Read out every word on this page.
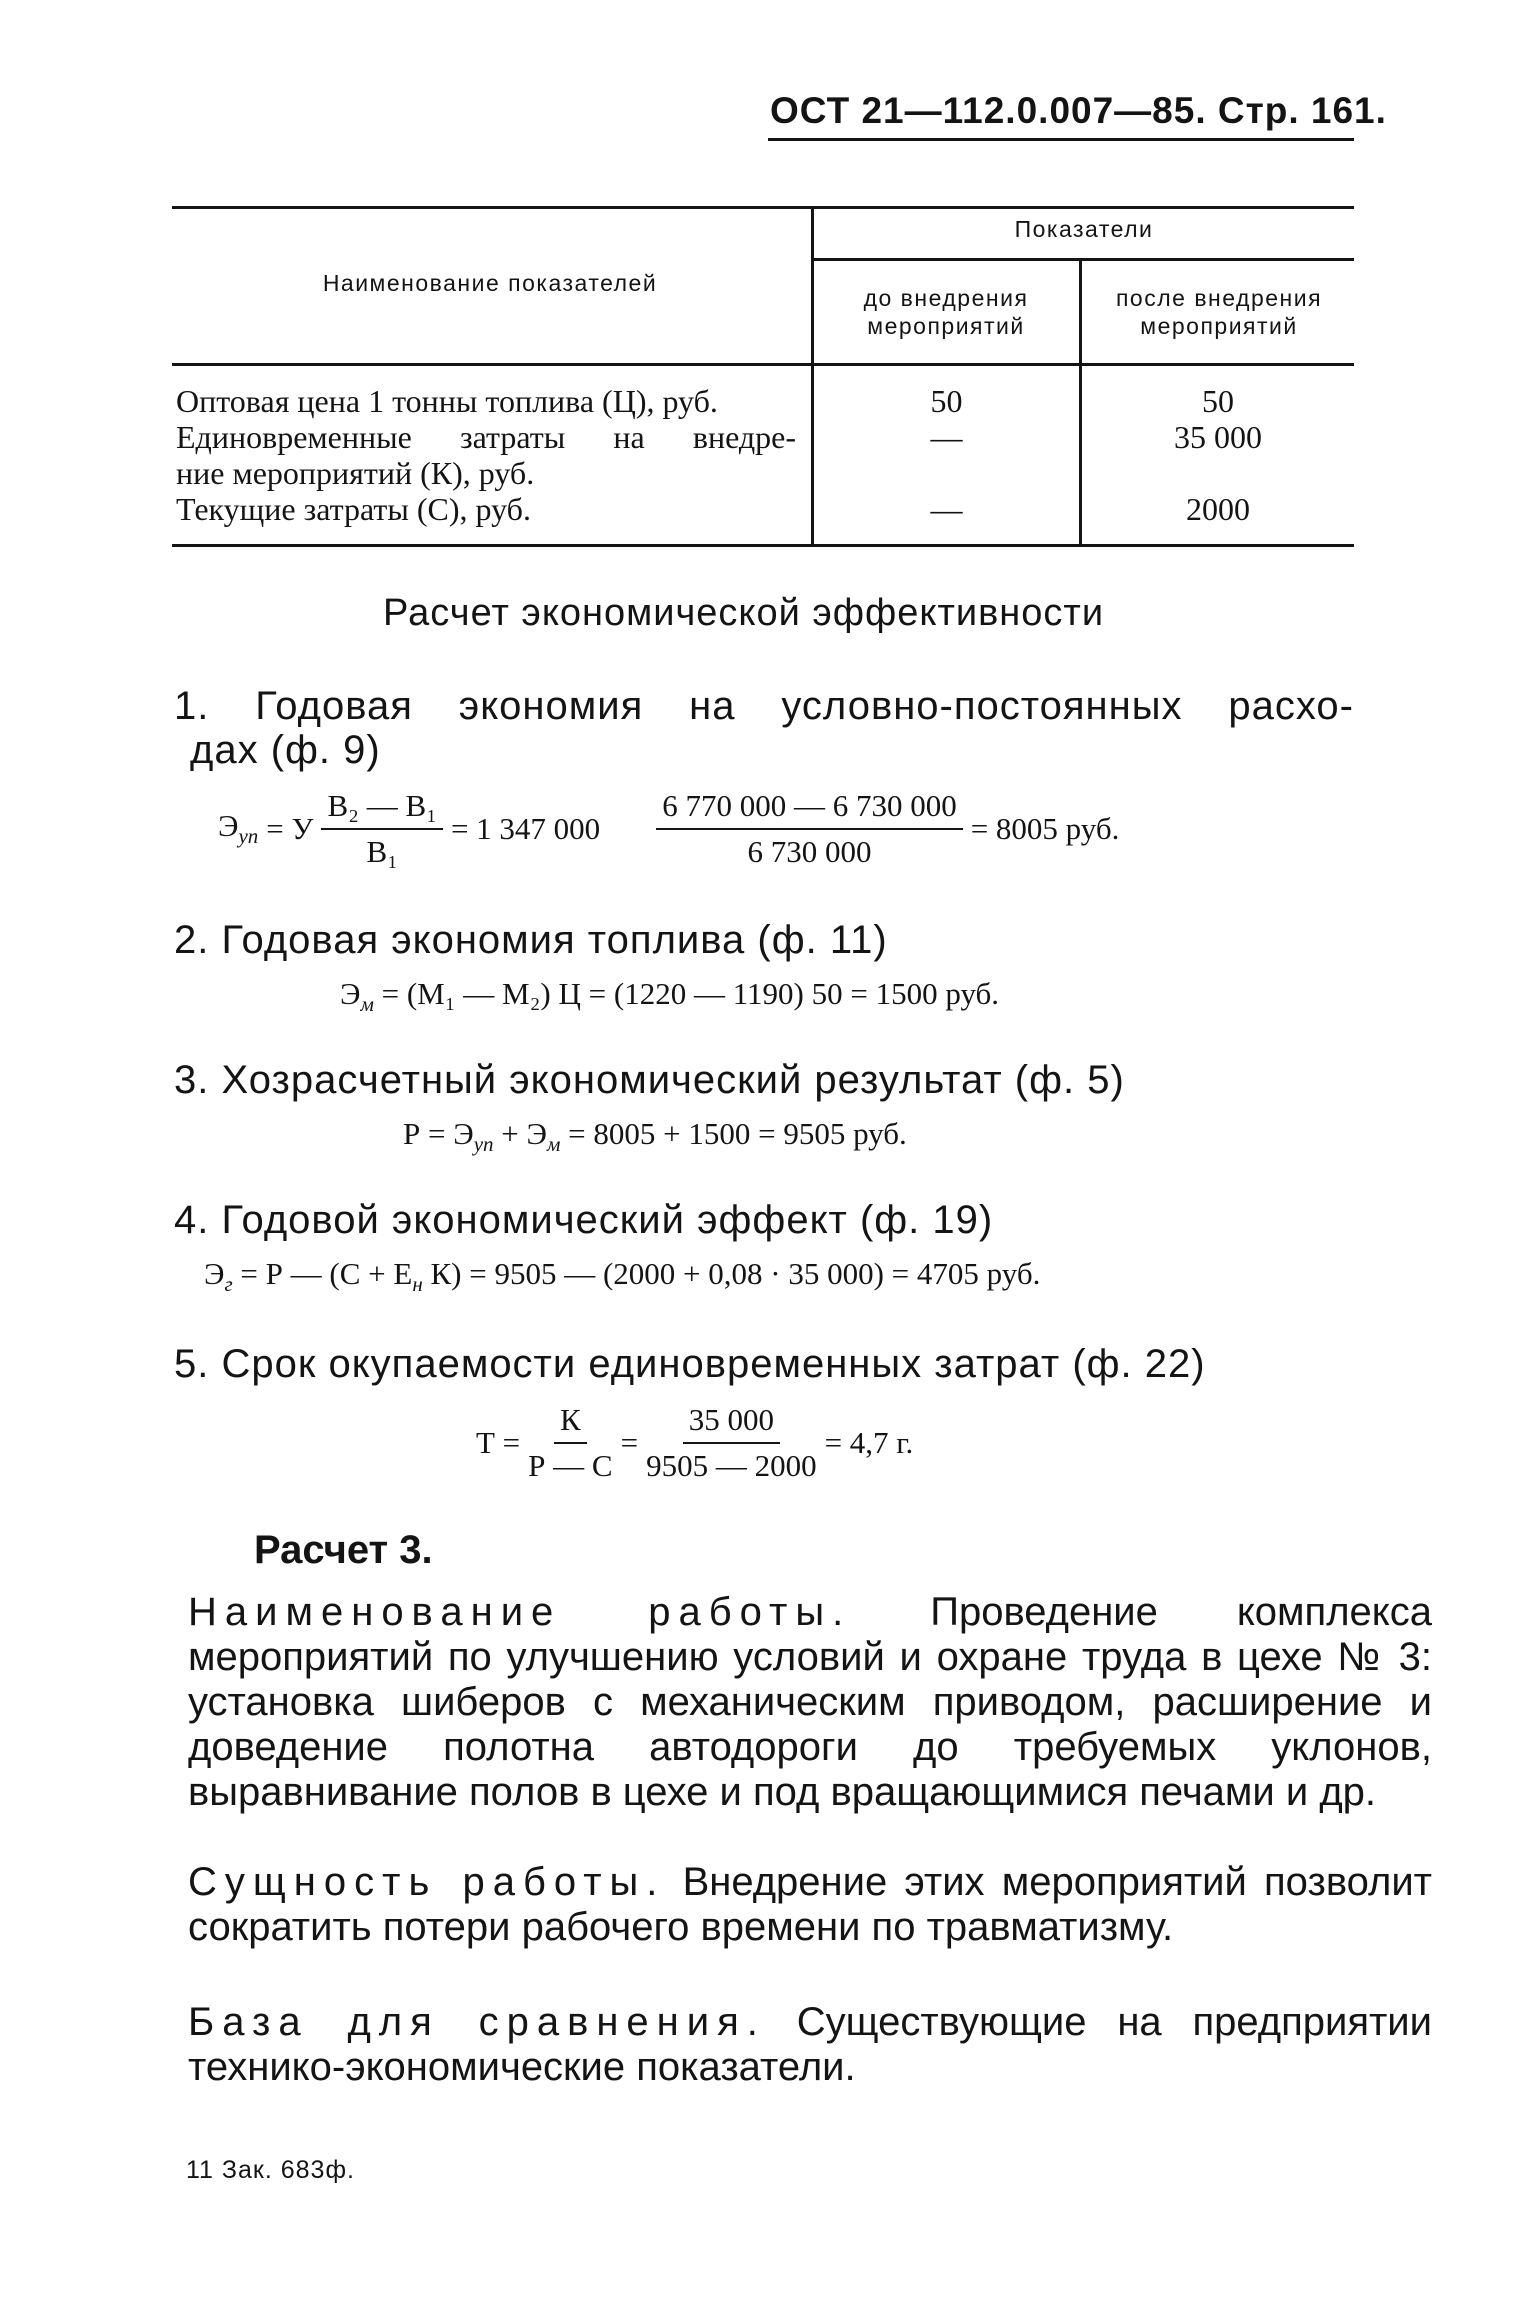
ОСТ 21—112.0.007—85. Стр. 161.
Наименование показателей
Показатели
до внедрения мероприятий
после внедрения мероприятий
Оптовая цена 1 тонны топлива (Ц), руб.	50	50
Единовременные затраты на внедре-
ние мероприятий (К), руб.
—	35 000
Текущие затраты (С), руб.	—	2000
Расчет экономической эффективности
1. Годовая экономия на условно-постоянных расхо-
дах (ф. 9)
$Э_{уп} = У$
В₂ — В₁
В₁
= 1 347 $000 \frac{6 770 000 — 6 730 000}{6 730 000} = 8005$ руб.
2. Годовая экономия топлива (ф. 11)
$Э_м = (М_1$ — М₂) Ц = (1220 — 1190) 50 = 1500 руб.
3. Хозрасчетный экономический результат (ф. 5)
$Р = Э_{уп} + Э_м = 8005 + 1500 = 9505$ руб.
4. Годовой экономический эффект (ф. 19)
$Э_г = Р$ — ($С + Е_н$ К) = 9505 — (2000 + 0,08 · 35 000) = 4705 руб.
5. Срок окупаемости единовременных затрат (ф. 22)
Т =
К
Р — С
= $\frac{35 000}{9505 — 2000} = 4,7$ г.
Расчет 3.
Наименование работы. Проведение комплекса мероприятий по улучшению условий и охране труда в цехе № 3: установка шиберов с механическим приводом, расширение и доведение полотна автодороги до требуемых уклонов, выравнивание полов в цехе и под вращающимися печами и др.
Сущность работы. Внедрение этих мероприятий позволит сократить потери рабочего времени по травматизму.
База для сравнения. Существующие на предприятии технико-экономические показатели.
11 Зак. 683ф.
